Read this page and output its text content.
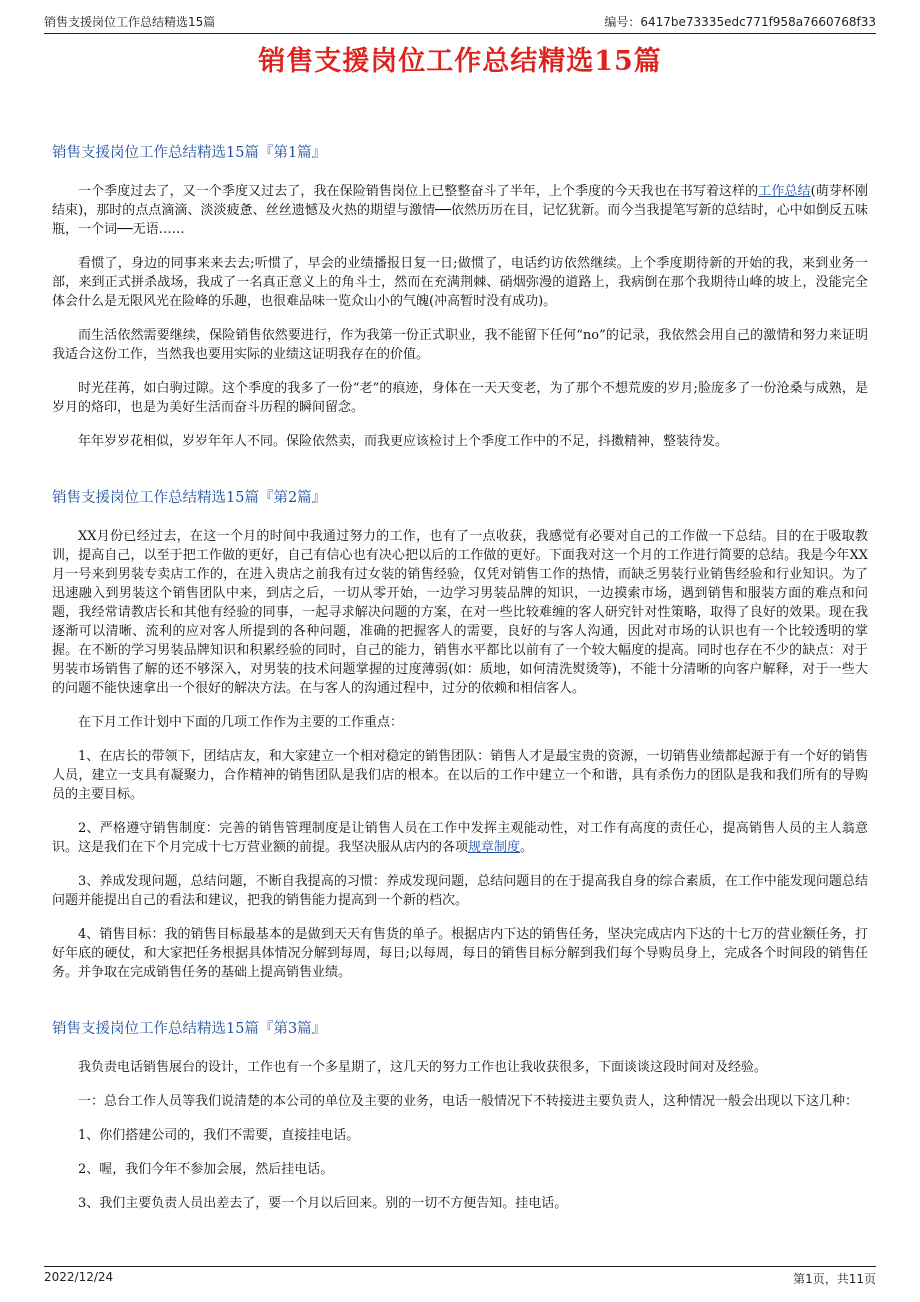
销售支援岗位工作总结精选15篇	编号：6417be73335edc771f958a7660768f33
销售支援岗位工作总结精选15篇
销售支援岗位工作总结精选15篇『第1篇』

一个季度过去了，又一个季度又过去了，我在保险销售岗位上已整整奋斗了半年，上个季度的今天我也在书写着这样的工作总结(萌芽杯刚结束)，那时的点点滴滴、淡淡疲惫、丝丝遗憾及火热的期望与激情──依然历历在目，记忆犹新。而今当我提笔写新的总结时，心中如倒反五味瓶，一个词──无语……

看惯了，身边的同事来来去去;听惯了，早会的业绩播报日复一日;做惯了，电话约访依然继续。上个季度期待新的开始的我，来到业务一部，来到正式拼杀战场，我成了一名真正意义上的角斗士，然而在充满荆棘、硝烟弥漫的道路上，我病倒在那个我期待山峰的坡上，没能完全体会什么是无限风光在险峰的乐趣，也很难品味一览众山小的气魄(冲高暂时没有成功)。

而生活依然需要继续，保险销售依然要进行，作为我第一份正式职业，我不能留下任何“no”的记录，我依然会用自己的激情和努力来证明我适合这份工作，当然我也要用实际的业绩这证明我存在的价值。

时光荏苒，如白驹过隙。这个季度的我多了一份“老”的痕迹，身体在一天天变老，为了那个不想荒废的岁月;脸庞多了一份沧桑与成熟，是岁月的烙印，也是为美好生活而奋斗历程的瞬间留念。

年年岁岁花相似，岁岁年年人不同。保险依然卖，而我更应该检讨上个季度工作中的不足，抖擞精神，整装待发。

销售支援岗位工作总结精选15篇『第2篇』

XX月份已经过去，在这一个月的时间中我通过努力的工作，也有了一点收获，我感觉有必要对自己的工作做一下总结。目的在于吸取教训，提高自己，以至于把工作做的更好，自己有信心也有决心把以后的工作做的更好。下面我对这一个月的工作进行简要的总结。我是今年XX月一号来到男装专卖店工作的，在进入贵店之前我有过女装的销售经验，仅凭对销售工作的热情，而缺乏男装行业销售经验和行业知识。为了迅速融入到男装这个销售团队中来，到店之后，一切从零开始，一边学习男装品牌的知识，一边摸索市场，遇到销售和服装方面的难点和问题，我经常请教店长和其他有经验的同事，一起寻求解决问题的方案，在对一些比较难缠的客人研究针对性策略，取得了良好的效果。现在我逐渐可以清晰、流利的应对客人所提到的各种问题，准确的把握客人的需要，良好的与客人沟通，因此对市场的认识也有一个比较透明的掌握。在不断的学习男装品牌知识和积累经验的同时，自己的能力，销售水平都比以前有了一个较大幅度的提高。同时也存在不少的缺点：对于男装市场销售了解的还不够深入，对男装的技术问题掌握的过度薄弱(如：质地，如何清洗熨烫等)，不能十分清晰的向客户解释，对于一些大的问题不能快速拿出一个很好的解决方法。在与客人的沟通过程中，过分的依赖和相信客人。

在下月工作计划中下面的几项工作作为主要的工作重点：

1、在店长的带领下，团结店友，和大家建立一个相对稳定的销售团队：销售人才是最宝贵的资源，一切销售业绩都起源于有一个好的销售人员，建立一支具有凝聚力，合作精神的销售团队是我们店的根本。在以后的工作中建立一个和谐，具有杀伤力的团队是我和我们所有的导购员的主要目标。

2、严格遵守销售制度：完善的销售管理制度是让销售人员在工作中发挥主观能动性，对工作有高度的责任心，提高销售人员的主人翁意识。这是我们在下个月完成十七万营业额的前提。我坚决服从店内的各项规章制度。

3、养成发现问题，总结问题，不断自我提高的习惯：养成发现问题，总结问题目的在于提高我自身的综合素质，在工作中能发现问题总结问题并能提出自己的看法和建议，把我的销售能力提高到一个新的档次。

4、销售目标：我的销售目标最基本的是做到天天有售货的单子。根据店内下达的销售任务，坚决完成店内下达的十七万的营业额任务，打好年底的硬仗，和大家把任务根据具体情况分解到每周，每日;以每周，每日的销售目标分解到我们每个导购员身上，完成各个时间段的销售任务。并争取在完成销售任务的基础上提高销售业绩。

销售支援岗位工作总结精选15篇『第3篇』

我负责电话销售展台的设计，工作也有一个多星期了，这几天的努力工作也让我收获很多，下面谈谈这段时间对及经验。

一：总台工作人员等我们说清楚的本公司的单位及主要的业务，电话一般情况下不转接进主要负责人，这种情况一般会出现以下这几种：

1、你们搭建公司的，我们不需要，直接挂电话。

2、喔，我们今年不参加会展，然后挂电话。

3、我们主要负责人员出差去了，要一个月以后回来。别的一切不方便告知。挂电话。

2022/12/24	第1页，共11页
